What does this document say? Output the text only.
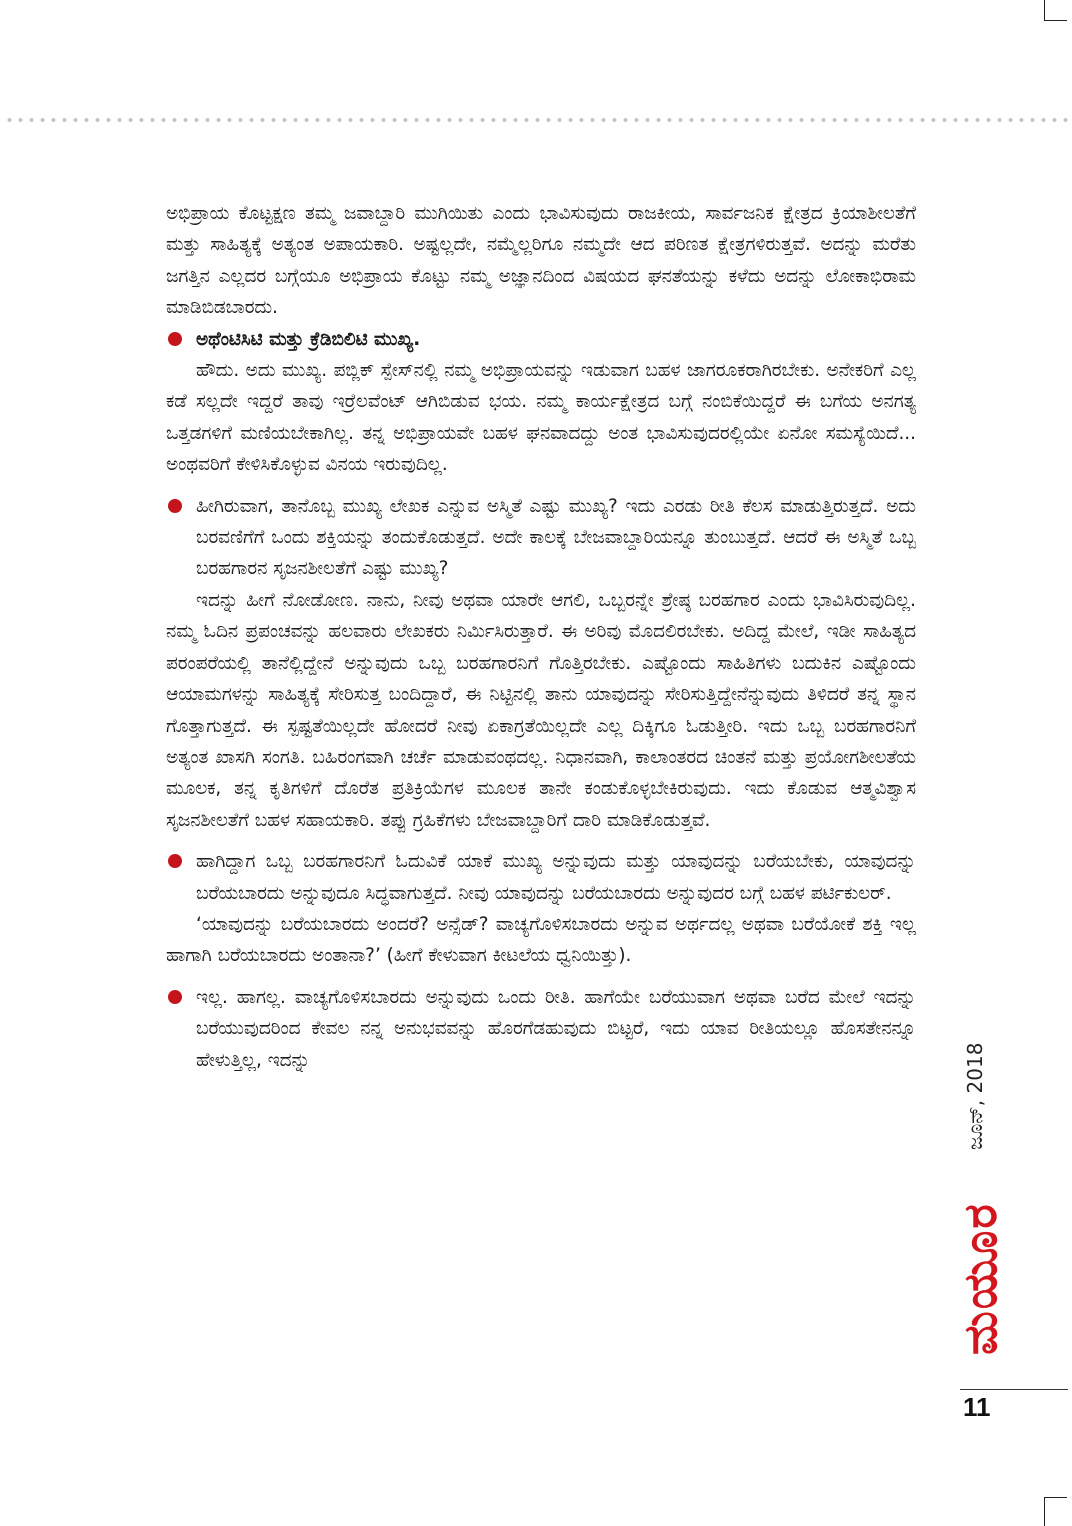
ಅಭಿಪ್ರಾಯ ಕೊಟ್ಟಕ್ಷಣ ತಮ್ಮ ಜವಾಬ್ದಾರಿ ಮುಗಿಯಿತು ಎಂದು ಭಾವಿಸುವುದು ರಾಜಕೀಯ, ಸಾರ್ವಜನಿಕ ಕ್ಷೇತ್ರದ ಕ್ರಿಯಾಶೀಲತೆಗೆ ಮತ್ತು ಸಾಹಿತ್ಯಕ್ಕೆ ಅತ್ಯಂತ ಅಪಾಯಕಾರಿ. ಅಷ್ಟಲ್ಲದೇ, ನಮ್ಮೆಲ್ಲರಿಗೂ ನಮ್ಮದೇ ಆದ ಪರಿಣತ ಕ್ಷೇತ್ರಗಳಿರುತ್ತವೆ. ಅದನ್ನು ಮರೆತು ಜಗತ್ತಿನ ಎಲ್ಲದರ ಬಗ್ಗೆಯೂ ಅಭಿಪ್ರಾಯ ಕೊಟ್ಟು ನಮ್ಮ ಅಜ್ಞಾನದಿಂದ ವಿಷಯದ ಘನತೆಯನ್ನು ಕಳೆದು ಅದನ್ನು ಲೋಕಾಭಿರಾಮ ಮಾಡಿಬಿಡಬಾರದು.

ಅಥೆಂಟಿಸಿಟಿ ಮತ್ತು ಕ್ರೆಡಿಬಿಲಿಟಿ ಮುಖ್ಯ.

ಹೌದು. ಅದು ಮುಖ್ಯ. ಪಬ್ಲಿಕ್ ಸ್ಪೇಸ್‌ನಲ್ಲಿ ನಮ್ಮ ಅಭಿಪ್ರಾಯವನ್ನು ಇಡುವಾಗ ಬಹಳ ಜಾಗರೂಕರಾಗಿರಬೇಕು. ಅನೇಕರಿಗೆ ಎಲ್ಲ ಕಡೆ ಸಲ್ಲದೇ ಇದ್ದರೆ ತಾವು ಇರ್ರೆಲವೆಂಟ್ ಆಗಿಬಿಡುವ ಭಯ. ನಮ್ಮ ಕಾರ್ಯಕ್ಷೇತ್ರದ ಬಗ್ಗೆ ನಂಬಿಕೆಯಿದ್ದರೆ ಈ ಬಗೆಯ ಅನಗತ್ಯ ಒತ್ತಡಗಳಿಗೆ ಮಣಿಯಬೇಕಾಗಿಲ್ಲ. ತನ್ನ ಅಭಿಪ್ರಾಯವೇ ಬಹಳ ಘನವಾದದ್ದು ಅಂತ ಭಾವಿಸುವುದರಲ್ಲಿಯೇ ಏನೋ ಸಮಸ್ಯೆಯಿದೆ... ಅಂಥವರಿಗೆ ಕೇಳಿಸಿಕೊಳ್ಳುವ ವಿನಯ ಇರುವುದಿಲ್ಲ.

ಹೀಗಿರುವಾಗ, ತಾನೊಬ್ಬ ಮುಖ್ಯ ಲೇಖಕ ಎನ್ನುವ ಅಸ್ಮಿತೆ ಎಷ್ಟು ಮುಖ್ಯ? ಇದು ಎರಡು ರೀತಿ ಕೆಲಸ ಮಾಡುತ್ತಿರುತ್ತದೆ. ಅದು ಬರವಣಿಗೆಗೆ ಒಂದು ಶಕ್ತಿಯನ್ನು ತಂದುಕೊಡುತ್ತದೆ. ಅದೇ ಕಾಲಕ್ಕೆ ಬೇಜವಾಬ್ದಾರಿಯನ್ನೂ ತುಂಬುತ್ತದೆ. ಆದರೆ ಈ ಅಸ್ಮಿತೆ ಒಬ್ಬ ಬರಹಗಾರನ ಸೃಜನಶೀಲತೆಗೆ ಎಷ್ಟು ಮುಖ್ಯ?

ಇದನ್ನು ಹೀಗೆ ನೋಡೋಣ. ನಾನು, ನೀವು ಅಥವಾ ಯಾರೇ ಆಗಲಿ, ಒಬ್ಬರನ್ನೇ ಶ್ರೇಷ್ಠ ಬರಹಗಾರ ಎಂದು ಭಾವಿಸಿರುವುದಿಲ್ಲ. ನಮ್ಮ ಓದಿನ ಪ್ರಪಂಚವನ್ನು ಹಲವಾರು ಲೇಖಕರು ನಿರ್ಮಿಸಿರುತ್ತಾರೆ. ಈ ಅರಿವು ಮೊದಲಿರಬೇಕು. ಅದಿದ್ದ ಮೇಲೆ, ಇಡೀ ಸಾಹಿತ್ಯದ ಪರಂಪರೆಯಲ್ಲಿ ತಾನೆಲ್ಲಿದ್ದೇನೆ ಅನ್ನುವುದು ಒಬ್ಬ ಬರಹಗಾರನಿಗೆ ಗೊತ್ತಿರಬೇಕು. ಎಷ್ಟೊಂದು ಸಾಹಿತಿಗಳು ಬದುಕಿನ ಎಷ್ಟೊಂದು ಆಯಾಮಗಳನ್ನು ಸಾಹಿತ್ಯಕ್ಕೆ ಸೇರಿಸುತ್ತ ಬಂದಿದ್ದಾರೆ, ಈ ನಿಟ್ಟಿನಲ್ಲಿ ತಾನು ಯಾವುದನ್ನು ಸೇರಿಸುತ್ತಿದ್ದೇನೆನ್ನುವುದು ತಿಳಿದರೆ ತನ್ನ ಸ್ಥಾನ ಗೊತ್ತಾಗುತ್ತದೆ. ಈ ಸ್ಪಷ್ಟತೆಯಿಲ್ಲದೇ ಹೋದರೆ ನೀವು ಏಕಾಗ್ರತೆಯಿಲ್ಲದೇ ಎಲ್ಲ ದಿಕ್ಕಿಗೂ ಓಡುತ್ತೀರಿ. ಇದು ಒಬ್ಬ ಬರಹಗಾರನಿಗೆ ಅತ್ಯಂತ ಖಾಸಗಿ ಸಂಗತಿ. ಬಹಿರಂಗವಾಗಿ ಚರ್ಚೆ ಮಾಡುವಂಥದಲ್ಲ. ನಿಧಾನವಾಗಿ, ಕಾಲಾಂತರದ ಚಿಂತನೆ ಮತ್ತು ಪ್ರಯೋಗಶೀಲತೆಯ ಮೂಲಕ, ತನ್ನ ಕೃತಿಗಳಿಗೆ ದೊರೆತ ಪ್ರತಿಕ್ರಿಯೆಗಳ ಮೂಲಕ ತಾನೇ ಕಂಡುಕೊಳ್ಳಬೇಕಿರುವುದು. ಇದು ಕೊಡುವ ಆತ್ಮವಿಶ್ವಾಸ ಸೃಜನಶೀಲತೆಗೆ ಬಹಳ ಸಹಾಯಕಾರಿ. ತಪ್ಪು ಗ್ರಹಿಕೆಗಳು ಬೇಜವಾಬ್ದಾರಿಗೆ ದಾರಿ ಮಾಡಿಕೊಡುತ್ತವೆ.

ಹಾಗಿದ್ದಾಗ ಒಬ್ಬ ಬರಹಗಾರನಿಗೆ ಓದುವಿಕೆ ಯಾಕೆ ಮುಖ್ಯ ಅನ್ನುವುದು ಮತ್ತು ಯಾವುದನ್ನು ಬರೆಯಬೇಕು, ಯಾವುದನ್ನು ಬರೆಯಬಾರದು ಅನ್ನುವುದೂ ಸಿದ್ಧವಾಗುತ್ತದೆ. ನೀವು ಯಾವುದನ್ನು ಬರೆಯಬಾರದು ಅನ್ನುವುದರ ಬಗ್ಗೆ ಬಹಳ ಪರ್ಟಿಕುಲರ್.

‘ಯಾವುದನ್ನು ಬರೆಯಬಾರದು ಅಂದರೆ? ಅನ್ಸೆಡ್? ವಾಚ್ಯಗೊಳಿಸಬಾರದು ಅನ್ನುವ ಅರ್ಥದಲ್ಲ ಅಥವಾ ಬರೆಯೋಕೆ ಶಕ್ತಿ ಇಲ್ಲ ಹಾಗಾಗಿ ಬರೆಯಬಾರದು ಅಂತಾನಾ?’ (ಹೀಗೆ ಕೇಳುವಾಗ ಕೀಟಲೆಯ ಧ್ವನಿಯಿತ್ತು).

ಇಲ್ಲ. ಹಾಗಲ್ಲ. ವಾಚ್ಯಗೊಳಿಸಬಾರದು ಅನ್ನುವುದು ಒಂದು ರೀತಿ. ಹಾಗೆಯೇ ಬರೆಯುವಾಗ ಅಥವಾ ಬರೆದ ಮೇಲೆ ಇದನ್ನು ಬರೆಯುವುದರಿಂದ ಕೇವಲ ನನ್ನ ಅನುಭವವನ್ನು ಹೊರಗೆಡಹುವುದು ಬಿಟ್ಟರೆ, ಇದು ಯಾವ ರೀತಿಯಲ್ಲೂ ಹೊಸತೇನನ್ನೂ ಹೇಳುತ್ತಿಲ್ಲ, ಇದನ್ನು	ಜೂನ್, 2018
ಮಯೂರ
11
